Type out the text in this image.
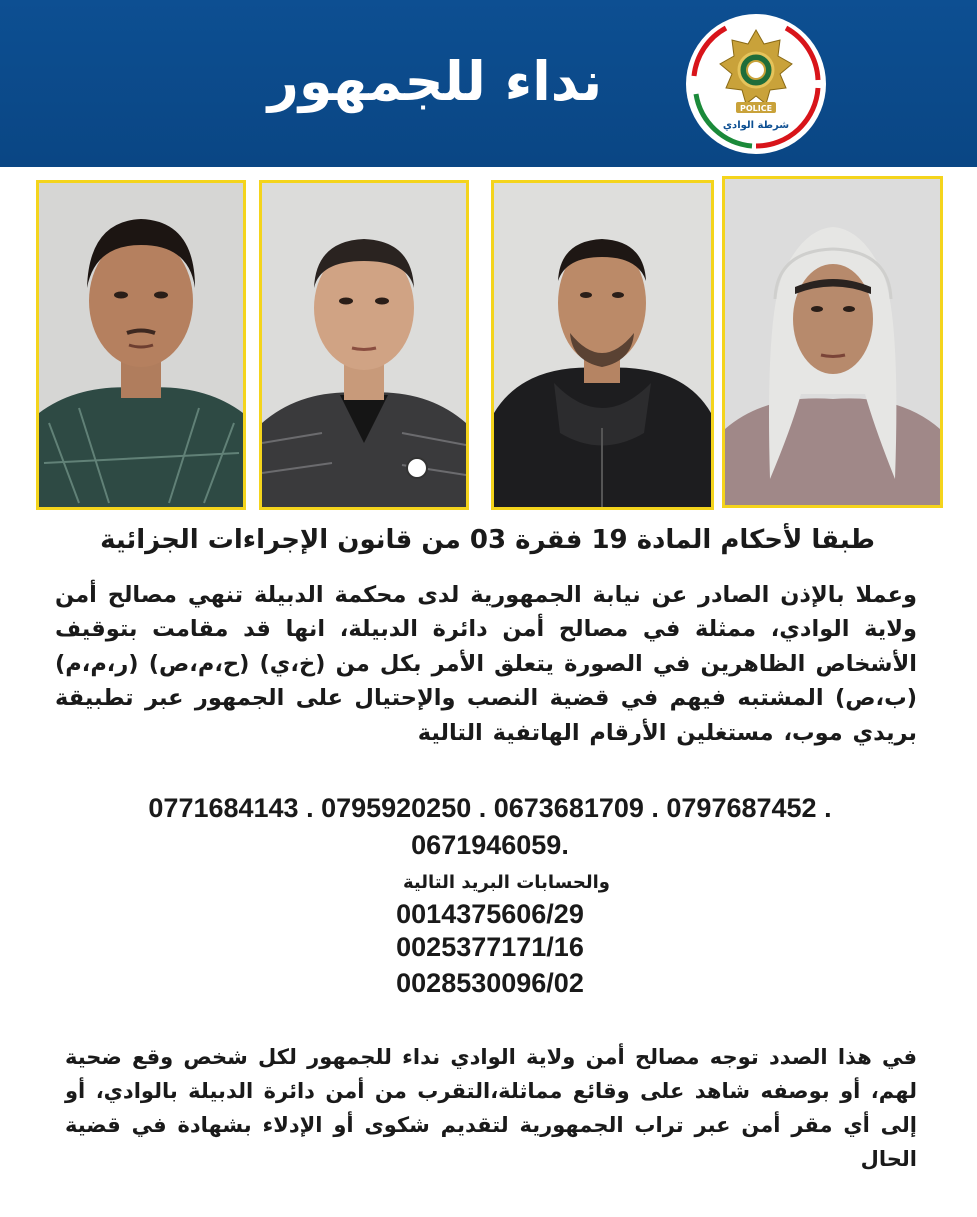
نداء للجمهور	POLICE
شرطة الوادي
طبقا لأحكام المادة 19 فقرة 03 من قانون الإجراءات الجزائية
وعملا بالإذن الصادر عن نيابة الجمهورية لدى محكمة الدبيلة تنهي مصالح أمن ولاية الوادي، ممثلة في مصالح أمن دائرة الدبيلة، انها قد مقامت بتوقيف الأشخاص الظاهرين في الصورة يتعلق الأمر بكل من (خ،ي) (ح،م،ص) (ر،م،م) (ب،ص) المشتبه فيهم في قضية النصب والإحتيال على الجمهور عبر تطبيقة بريدي موب، مستغلين الأرقام الهاتفية التالية
0771684143 . 0795920250 . 0673681709 . 0797687452 .
0671946059.
والحسابات البريد التالية
0014375606/29
0025377171/16
0028530096/02
في هذا الصدد توجه مصالح أمن ولاية الوادي نداء للجمهور لكل شخص وقع ضحية لهم، أو بوصفه شاهد على وقائع مماثلة،التقرب من أمن دائرة الدبيلة بالوادي، أو إلى أي مقر أمن عبر تراب الجمهورية لتقديم شكوى أو الإدلاء بشهادة في قضية الحال
